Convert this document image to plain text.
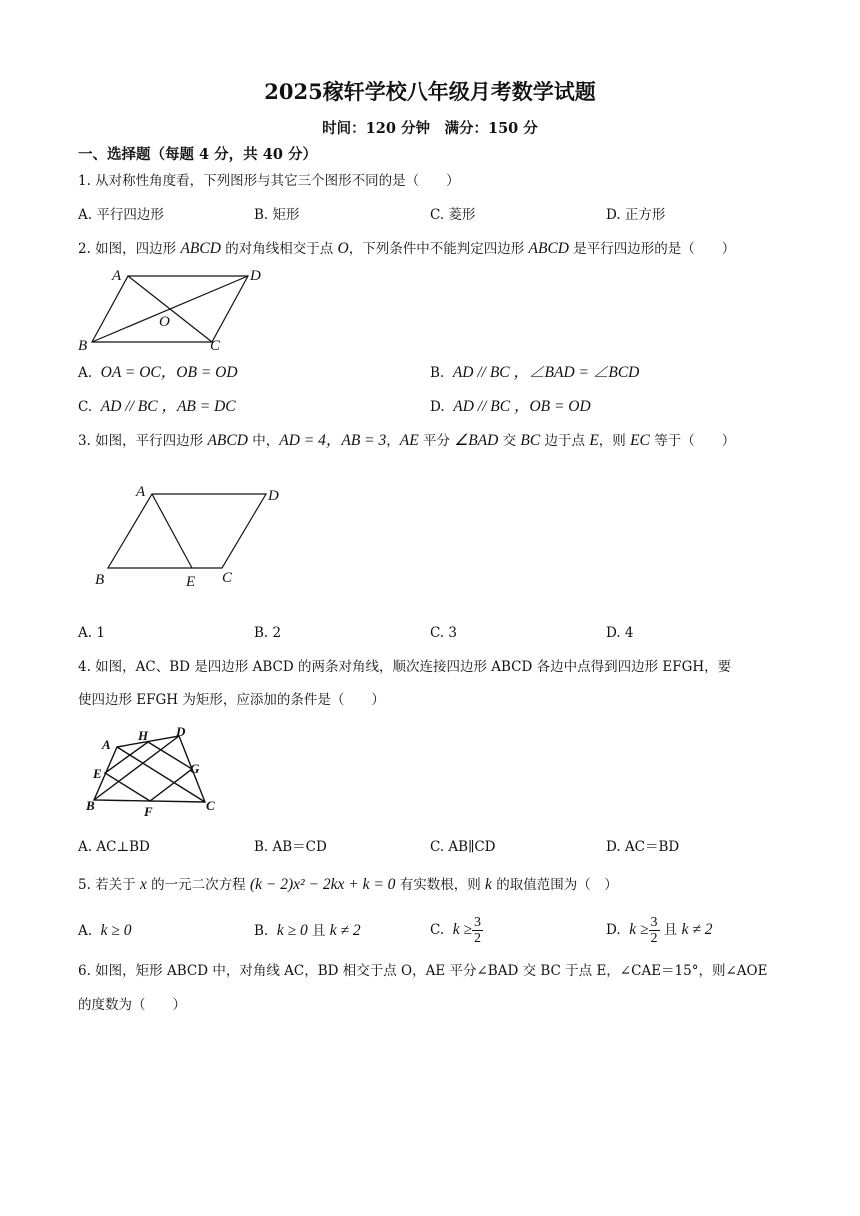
2025稼轩学校八年级月考数学试题
时间：120 分钟　满分：150 分
一、选择题（每题 4 分，共 40 分）
1. 从对称性角度看，下列图形与其它三个图形不同的是（　　）
A. 平行四边形	B. 矩形	C. 菱形	D. 正方形
2. 如图，四边形 ABCD 的对角线相交于点 O，下列条件中不能判定四边形 ABCD 是平行四边形的是（　　）
A	D
O
B	C
A. OA = OC，OB = OD	B. AD // BC ，∠BAD = ∠BCD
C. AD // BC ，AB = DC	D. AD // BC ，OB = OD
3. 如图，平行四边形 ABCD 中，AD = 4，AB = 3，AE 平分 ∠BAD 交 BC 边于点 E，则 EC 等于（　　）
A	D
B	E C
A. 1	B. 2	C. 3	D. 4
4. 如图，AC、BD 是四边形 ABCD 的两条对角线，顺次连接四边形 ABCD 各边中点得到四边形 EFGH，要
使四边形 EFGH 为矩形，应添加的条件是（　　）
A
H D
E	G
B	F	C
A. AC⊥BD	B. AB＝CD	C. AB∥CD	D. AC＝BD
5. 若关于 x 的一元二次方程 (k − 2)x² − 2kx + k = 0 有实数根，则 k 的取值范围为（　）
A. k ≥ 0	B. k ≥ 0 且 k ≠ 2	C. $k \ge \frac{3}{2}$	D. $k \ge \frac{3}{2}$ 且 k ≠ 2
6. 如图，矩形 ABCD 中，对角线 AC，BD 相交于点 O，AE 平分∠BAD 交 BC 于点 E，∠CAE＝15°，则∠AOE
的度数为（　　）
